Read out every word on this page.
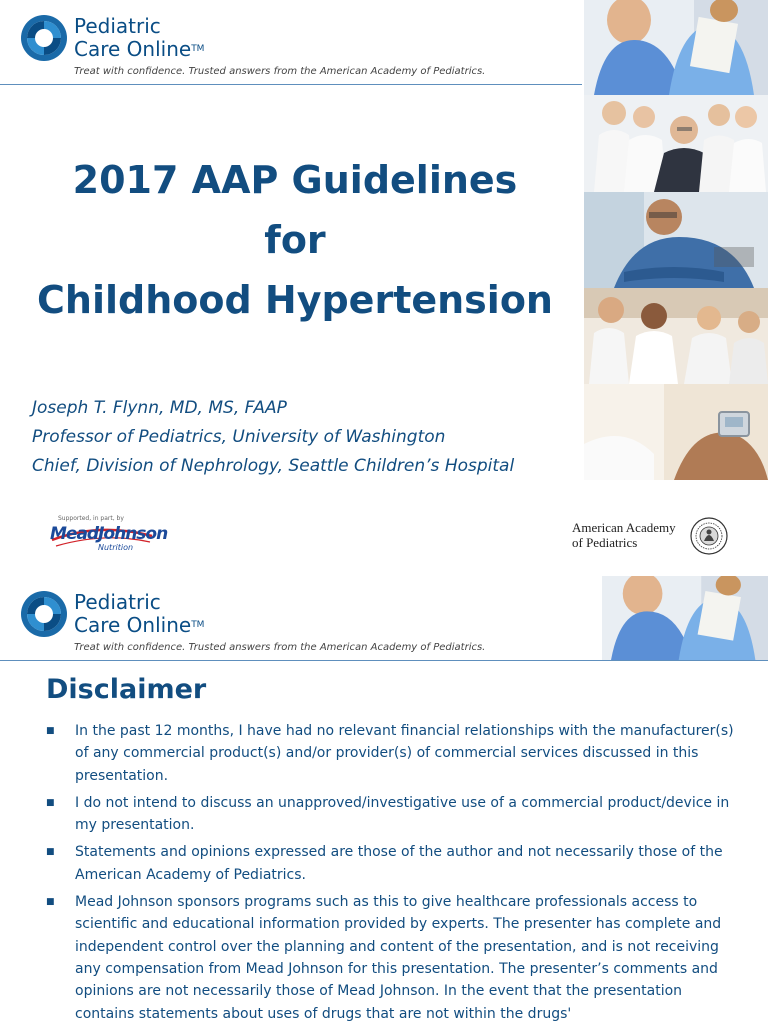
Pediatric
Care Online™
Treat with confidence. Trusted answers from the American Academy of Pediatrics.
2017 AAP Guidelines
for
Childhood Hypertension
Joseph T. Flynn, MD, MS, FAAP
Professor of Pediatrics, University of Washington
Chief, Division of Nephrology, Seattle Children’s Hospital
Supported, in part, by
MeadJohnson
Nutrition
American Academy
of Pediatrics
Pediatric
Care Online™
Treat with confidence. Trusted answers from the American Academy of Pediatrics.
Disclaimer
■ In the past 12 months, I have had no relevant financial relationships with the manufacturer(s) of any commercial product(s) and/or provider(s) of commercial services discussed in this presentation.
■ I do not intend to discuss an unapproved/investigative use of a commercial product/device in my presentation.
■ Statements and opinions expressed are those of the author and not necessarily those of the American Academy of Pediatrics.
■ Mead Johnson sponsors programs such as this to give healthcare professionals access to scientific and educational information provided by experts. The presenter has complete and independent control over the planning and content of the presentation, and is not receiving any compensation from Mead Johnson for this presentation. The presenter’s comments and opinions are not necessarily those of Mead Johnson. In the event that the presentation contains statements about uses of drugs that are not within the drugs'
